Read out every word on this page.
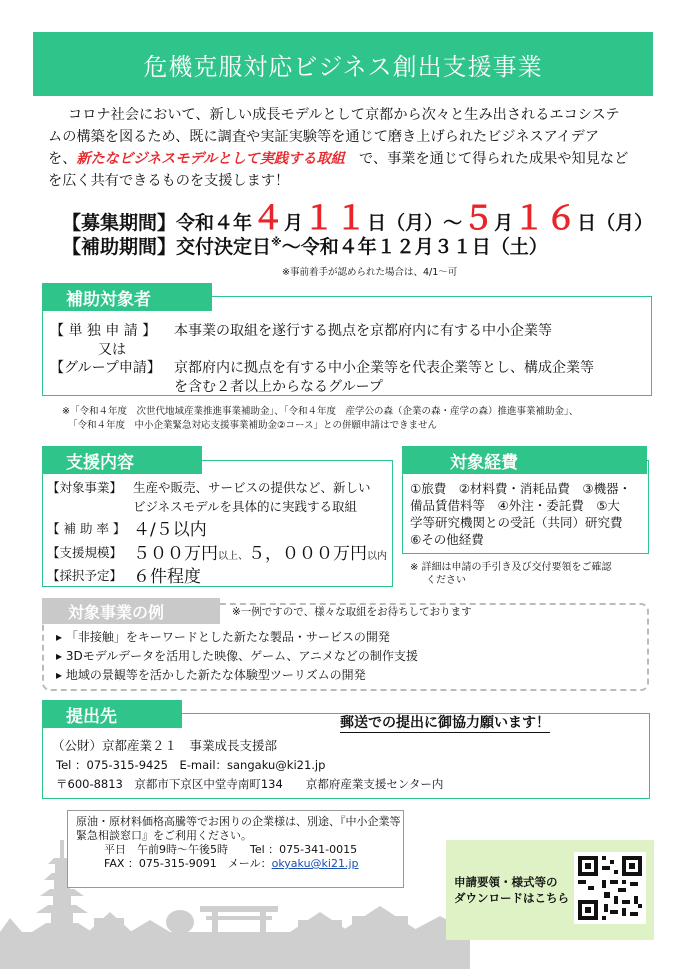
危機克服対応ビジネス創出支援事業
コロナ社会において、新しい成長モデルとして京都から次々と生み出されるエコシステ
ムの構築を図るため、既に調査や実証実験等を通じて磨き上げられたビジネスアイデア
を、新たなビジネスモデルとして実践する取組　 で、事業を通じて得られた成果や知見など
を広く共有できるものを支援します！
【募集期間】令和４年４月１１日（月）～５月１６日（月）
【補助期間】交付決定日※～令和４年１２月３１日（土）
※事前着手が認められた場合は、4/1～可
補助対象者
【 単 独 申 請 】 本事業の取組を遂行する拠点を京都府内に有する中小企業等
又は
【グループ申請】 京都府内に拠点を有する中小企業等を代表企業等とし、構成企業等
を含む２者以上からなるグループ
※「令和４年度　次世代地域産業推進事業補助金」、「令和４年度　産学公の森（企業の森・産学の森）推進事業補助金」、
「令和４年度　中小企業緊急対応支援事業補助金②コース」との併願申請はできません
支援内容
【対象事業】 生産や販売、サービスの提供など、新しい
ビジネスモデルを具体的に実践する取組
【 補 助 率 】 ４/５以内
【支援規模】 ５００万円以上、５，０００万円以内
【採択予定】 ６件程度
対象経費
①旅費　②材料費・消耗品費　③機器・
備品賃借料等　④外注・委託費　⑤大
学等研究機関との受託（共同）研究費
⑥その他経費
※ 詳細は申請の手引き及び交付要領をご確認
ください
対象事業の例	※一例ですので、様々な取組をお待ちしております
▸ 「非接触」をキーワードとした新たな製品・サービスの開発
▸ 3Dモデルデータを活用した映像、ゲーム、アニメなどの制作支援
▸ 地域の景観等を活かした新たな体験型ツーリズムの開発
提出先	郵送での提出に御協力願います！
（公財）京都産業２１　事業成長支援部
Tel ：075-315-9425　E-mail：sangaku@ki21.jp
〒600-8813　京都市下京区中堂寺南町134　　京都府産業支援センター内
原油・原材料価格高騰等でお困りの企業様は、別途、『中小企業等
緊急相談窓口』をご利用ください。
平日　午前9時～午後5時　　Tel ：075-341-0015
FAX ：075-315-9091　メール：okyaku@ki21.jp
申請要領・様式等の
ダウンロードはこちら
